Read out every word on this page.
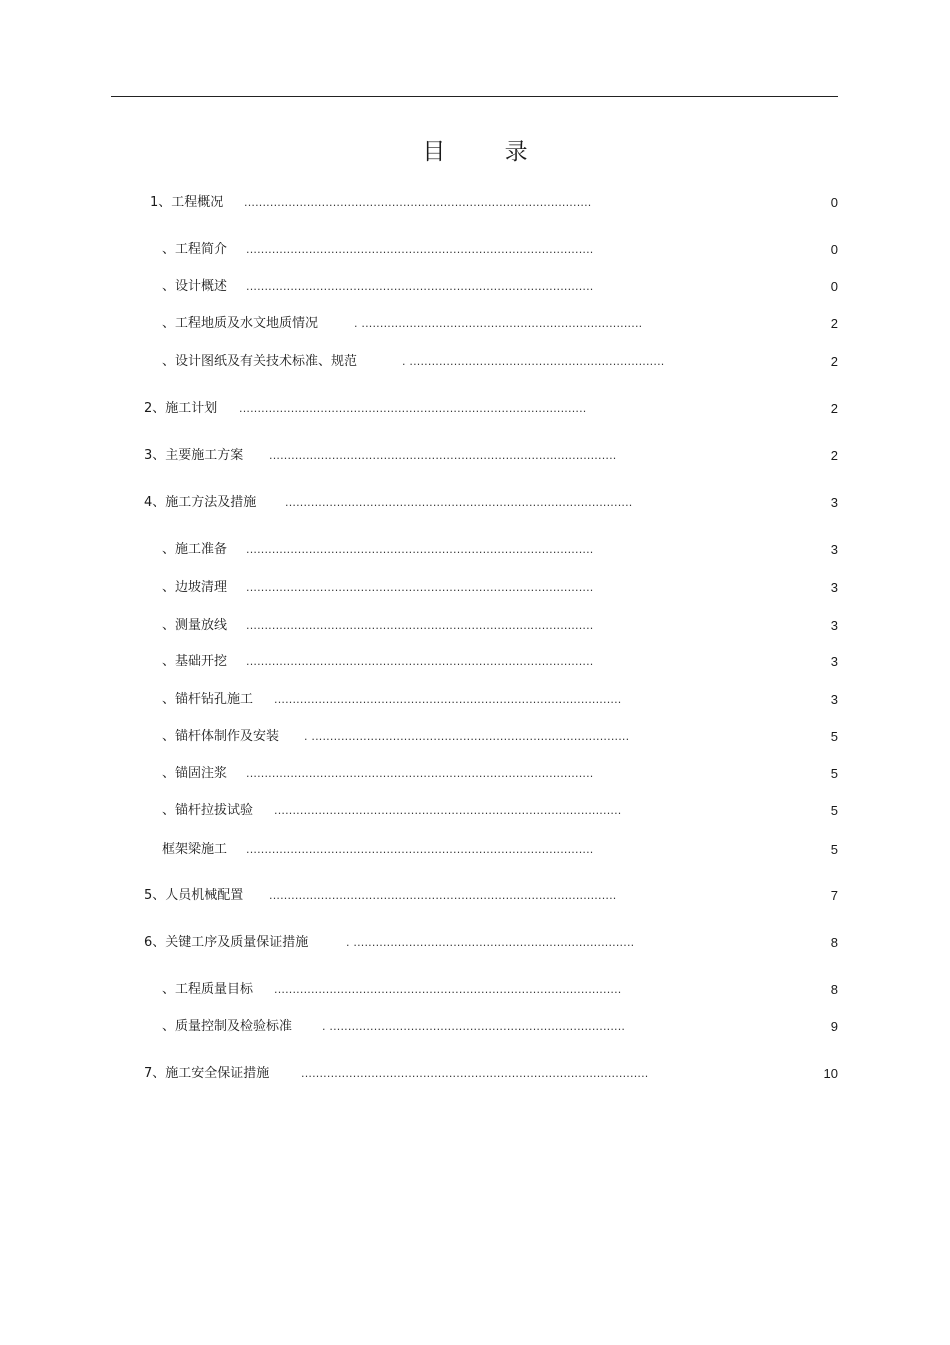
目 录
1、工程概况 ..............................................................................................	0
、工程简介 ..............................................................................................	0
、设计概述 ..............................................................................................	0
、工程地质及水文地质情况	. ............................................................................	2
、设计图纸及有关技术标准、规范	. .....................................................................	2
2、施工计划 ..............................................................................................	2
3、主要施工方案 ..............................................................................................	2
4、施工方法及措施	..............................................................................................	3
、施工准备 ..............................................................................................	3
、边坡清理 ..............................................................................................	3
、测量放线 ..............................................................................................	3
、基础开挖 ..............................................................................................	3
、锚杆钻孔施工 ..............................................................................................	3
、锚杆体制作及安装 . ......................................................................................	5
、锚固注浆 ..............................................................................................	5
、锚杆拉拔试验 ..............................................................................................	5
框架梁施工 ..............................................................................................	5
5、人员机械配置 ..............................................................................................	7
6、关键工序及质量保证措施	. ............................................................................	8
、工程质量目标 ..............................................................................................	8
、质量控制及检验标准	. ................................................................................	9
7、施工安全保证措施	..............................................................................................	10
